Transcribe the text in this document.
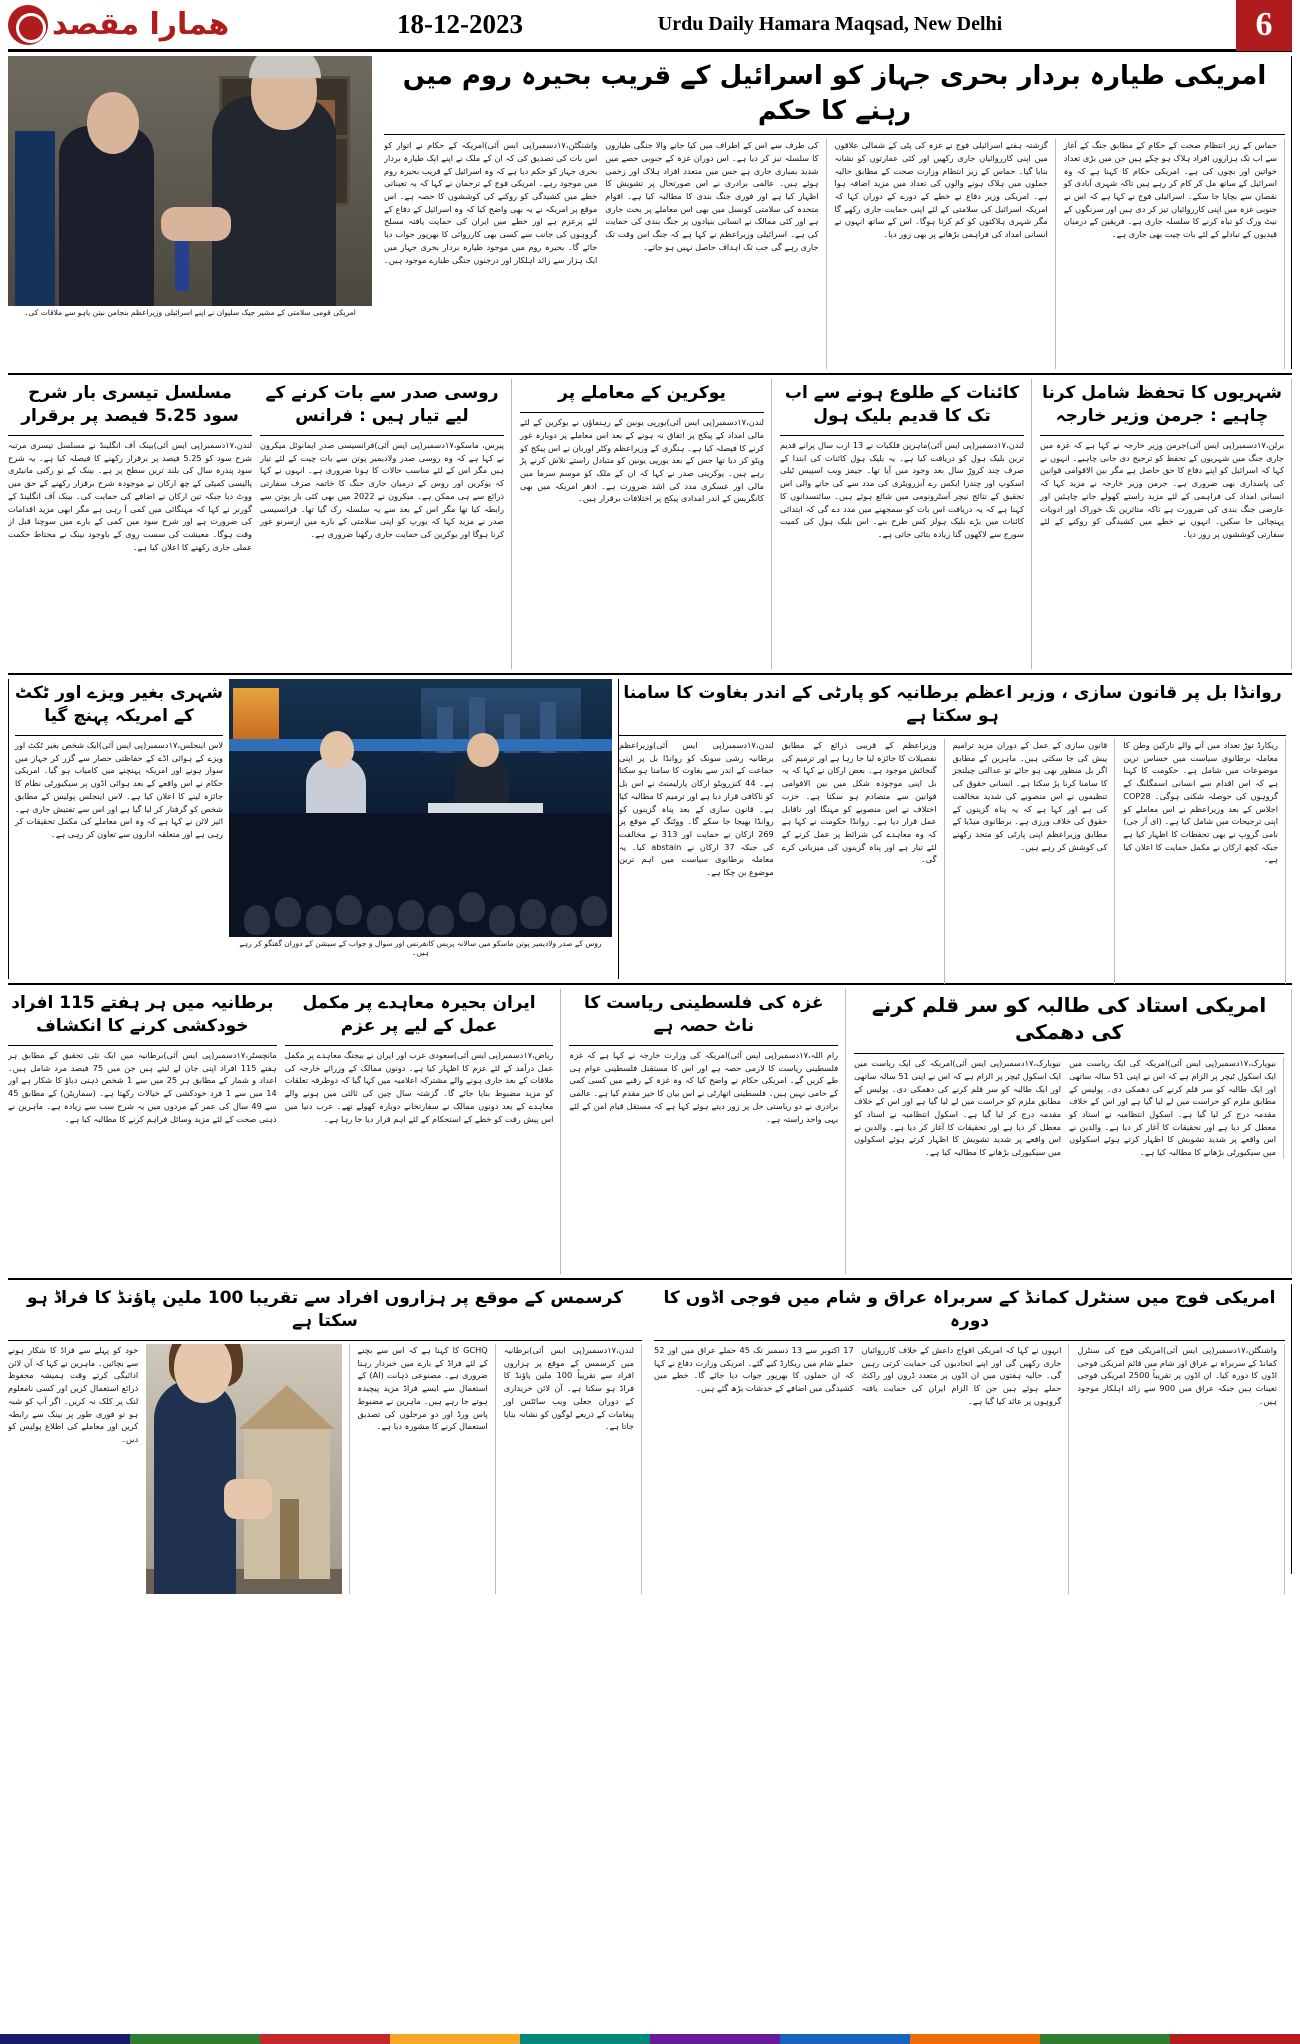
همارا مقصد	18-12-2023	Urdu Daily Hamara Maqsad, New Delhi	6
امریکی قومی سلامتی کے مشیر جیک سلیوان نے اپنے اسرائیلی وزیراعظم بنجامن نیتن یاہو سے ملاقات کی۔
امریکی طیارہ بردار بحری جہاز کو اسرائیل کے قریب بحیرہ روم میں رہنے کا حکم
واشنگٹن،۱۷دسمبر(پی ایس آئی)امریکہ کے حکام نے اتوار کو اس بات کی تصدیق کی کہ ان کے ملک نے اپنے ایک طیارہ بردار بحری جہاز کو حکم دیا ہے کہ وہ اسرائیل کے قریب بحیرہ روم میں موجود رہے۔ امریکی فوج کے ترجمان نے کہا کہ یہ تعیناتی خطے میں کشیدگی کو روکنے کی کوششوں کا حصہ ہے۔ اس موقع پر امریکہ نے یہ بھی واضح کیا کہ وہ اسرائیل کے دفاع کے لئے پرعزم ہے اور خطے میں ایران کی حمایت یافتہ مسلح گروہوں کی جانب سے کسی بھی کارروائی کا بھرپور جواب دیا جائے گا۔ بحیرہ روم میں موجود طیارہ بردار بحری جہاز میں ایک ہزار سے زائد اہلکار اور درجنوں جنگی طیارے موجود ہیں۔
کی طرف سے اس کے اطراف میں کیا جانے والا جنگی طیاروں کا سلسلہ تیز کر دیا ہے۔ اس دوران غزہ کے جنوبی حصے میں شدید بمباری جاری ہے جس میں متعدد افراد ہلاک اور زخمی ہوئے ہیں۔ عالمی برادری نے اس صورتحال پر تشویش کا اظہار کیا ہے اور فوری جنگ بندی کا مطالبہ کیا ہے۔ اقوام متحدہ کی سلامتی کونسل میں بھی اس معاملے پر بحث جاری ہے اور کئی ممالک نے انسانی بنیادوں پر جنگ بندی کی حمایت کی ہے۔ اسرائیلی وزیراعظم نے کہا ہے کہ جنگ اس وقت تک جاری رہے گی جب تک اہداف حاصل نہیں ہو جاتے۔
گزشتہ ہفتے اسرائیلی فوج نے غزہ کی پٹی کے شمالی علاقوں میں اپنی کارروائیاں جاری رکھیں اور کئی عمارتوں کو نشانہ بنایا گیا۔ حماس کے زیر انتظام وزارت صحت کے مطابق حالیہ حملوں میں ہلاک ہونے والوں کی تعداد میں مزید اضافہ ہوا ہے۔ امریکی وزیر دفاع نے خطے کے دورے کے دوران کہا کہ امریکہ اسرائیل کی سلامتی کے لئے اپنی حمایت جاری رکھے گا مگر شہری ہلاکتوں کو کم کرنا ہوگا۔ اس کے ساتھ انہوں نے انسانی امداد کی فراہمی بڑھانے پر بھی زور دیا۔
حماس کے زیر انتظام صحت کے حکام کے مطابق جنگ کے آغاز سے اب تک ہزاروں افراد ہلاک ہو چکے ہیں جن میں بڑی تعداد خواتین اور بچوں کی ہے۔ امریکی حکام کا کہنا ہے کہ وہ اسرائیل کے ساتھ مل کر کام کر رہے ہیں تاکہ شہری آبادی کو نقصان سے بچایا جا سکے۔ اسرائیلی فوج نے کہا ہے کہ اس نے جنوبی غزہ میں اپنی کارروائیاں تیز کر دی ہیں اور سرنگوں کے نیٹ ورک کو تباہ کرنے کا سلسلہ جاری ہے۔ فریقین کے درمیان قیدیوں کے تبادلے کے لئے بات چیت بھی جاری ہے۔
مسلسل تیسری بار شرح سود 5.25 فیصد پر برقرار
لندن،۱۷دسمبر(پی ایس آئی)بینک آف انگلینڈ نے مسلسل تیسری مرتبہ شرح سود کو 5.25 فیصد پر برقرار رکھنے کا فیصلہ کیا ہے۔ یہ شرح سود پندرہ سال کی بلند ترین سطح پر ہے۔ بینک کے نو رکنی مانیٹری پالیسی کمیٹی کے چھ ارکان نے موجودہ شرح برقرار رکھنے کے حق میں ووٹ دیا جبکہ تین ارکان نے اضافے کی حمایت کی۔ بینک آف انگلینڈ کے گورنر نے کہا کہ مہنگائی میں کمی آ رہی ہے مگر ابھی مزید اقدامات کی ضرورت ہے اور شرح سود میں کمی کے بارے میں سوچنا قبل از وقت ہوگا۔ معیشت کی سست روی کے باوجود بینک نے محتاط حکمت عملی جاری رکھنے کا اعلان کیا ہے۔
روسی صدر سے بات کرنے کے لیے تیار ہیں : فرانس
پیرس، ماسکو،۱۷دسمبر(پی ایس آئی)فرانسیسی صدر ایمانوئل میکرون نے کہا ہے کہ وہ روسی صدر ولادیمیر پوتن سے بات چیت کے لئے تیار ہیں مگر اس کے لئے مناسب حالات کا ہونا ضروری ہے۔ انہوں نے کہا کہ یوکرین اور روس کے درمیان جاری جنگ کا خاتمہ صرف سفارتی ذرائع سے ہی ممکن ہے۔ میکرون نے 2022 میں بھی کئی بار پوتن سے رابطہ کیا تھا مگر اس کے بعد سے یہ سلسلہ رک گیا تھا۔ فرانسیسی صدر نے مزید کہا کہ یورپ کو اپنی سلامتی کے بارے میں ازسرنو غور کرنا ہوگا اور یوکرین کی حمایت جاری رکھنا ضروری ہے۔
یوکرین کے معاملے پر
لندن،۱۷دسمبر(پی ایس آئی)یورپی یونین کے رہنماؤں نے یوکرین کے لئے مالی امداد کے پیکج پر اتفاق نہ ہونے کے بعد اس معاملے پر دوبارہ غور کرنے کا فیصلہ کیا ہے۔ ہنگری کے وزیراعظم وکٹر اوربان نے اس پیکج کو ویٹو کر دیا تھا جس کے بعد یورپی یونین کو متبادل راستے تلاش کرنے پڑ رہے ہیں۔ یوکرینی صدر نے کہا کہ ان کے ملک کو موسم سرما میں مالی اور عسکری مدد کی اشد ضرورت ہے۔ ادھر امریکہ میں بھی کانگریس کے اندر امدادی پیکج پر اختلافات برقرار ہیں۔
کائنات کے طلوع ہونے سے اب تک کا قدیم بلیک ہول
لندن،۱۷دسمبر(پی ایس آئی)ماہرین فلکیات نے 13 ارب سال پرانے قدیم ترین بلیک ہول کو دریافت کیا ہے۔ یہ بلیک ہول کائنات کی ابتدا کے صرف چند کروڑ سال بعد وجود میں آیا تھا۔ جیمز ویب اسپیس ٹیلی اسکوپ اور چندرا ایکس رے آبزرویٹری کی مدد سے کی جانے والی اس تحقیق کے نتائج نیچر آسٹرونومی میں شائع ہوئے ہیں۔ سائنسدانوں کا کہنا ہے کہ یہ دریافت اس بات کو سمجھنے میں مدد دے گی کہ ابتدائی کائنات میں بڑے بلیک ہولز کس طرح بنے۔ اس بلیک ہول کی کمیت سورج سے لاکھوں گنا زیادہ بتائی جاتی ہے۔
شہریوں کا تحفظ شامل کرنا چاہیے : جرمن وزیر خارجہ
برلن،۱۷دسمبر(پی ایس آئی)جرمن وزیر خارجہ نے کہا ہے کہ غزہ میں جاری جنگ میں شہریوں کے تحفظ کو ترجیح دی جانی چاہیے۔ انہوں نے کہا کہ اسرائیل کو اپنے دفاع کا حق حاصل ہے مگر بین الاقوامی قوانین کی پاسداری بھی ضروری ہے۔ جرمن وزیر خارجہ نے مزید کہا کہ انسانی امداد کی فراہمی کے لئے مزید راستے کھولے جانے چاہئیں اور عارضی جنگ بندی کی ضرورت ہے تاکہ متاثرین تک خوراک اور ادویات پہنچائی جا سکیں۔ انہوں نے خطے میں کشیدگی کو روکنے کے لئے سفارتی کوششوں پر زور دیا۔
شہری بغیر ویزے اور ٹکٹ کے امریکہ پہنچ گیا
لاس اینجلس،۱۷دسمبر(پی ایس آئی)ایک شخص بغیر ٹکٹ اور ویزے کے ہوائی اڈے کے حفاظتی حصار سے گزر کر جہاز میں سوار ہونے اور امریکہ پہنچنے میں کامیاب ہو گیا۔ امریکی حکام نے اس واقعے کے بعد ہوائی اڈوں پر سیکیورٹی نظام کا جائزہ لینے کا اعلان کیا ہے۔ لاس اینجلس پولیس کے مطابق شخص کو گرفتار کر لیا گیا ہے اور اس سے تفتیش جاری ہے۔ ائیر لائن نے کہا ہے کہ وہ اس معاملے کی مکمل تحقیقات کر رہی ہے اور متعلقہ اداروں سے تعاون کر رہی ہے۔
روس کے صدر ولادیمیر پوتن ماسکو میں سالانہ پریس کانفرنس اور سوال و جواب کے سیشن کے دوران گفتگو کر رہے ہیں۔
روانڈا بل پر قانون سازی ، وزیر اعظم برطانیہ کو پارٹی کے اندر بغاوت کا سامنا ہو سکتا ہے
لندن،۱۷دسمبر(پی ایس آئی)وزیراعظم برطانیہ رشی سونک کو روانڈا بل پر اپنی جماعت کے اندر سے بغاوت کا سامنا ہو سکتا ہے۔ 44 کنزرویٹو ارکان پارلیمنٹ نے اس بل کو ناکافی قرار دیا ہے اور ترمیم کا مطالبہ کیا ہے۔ قانون سازی کے بعد پناہ گزینوں کو روانڈا بھیجا جا سکے گا۔ ووٹنگ کے موقع پر 269 ارکان نے حمایت اور 313 نے مخالفت کی جبکہ 37 ارکان نے abstain کیا۔ یہ معاملہ برطانوی سیاست میں اہم ترین موضوع بن چکا ہے۔
وزیراعظم کے قریبی ذرائع کے مطابق تفصیلات کا جائزہ لیا جا رہا ہے اور ترمیم کی گنجائش موجود ہے۔ بعض ارکان نے کہا کہ یہ بل اپنی موجودہ شکل میں بین الاقوامی قوانین سے متصادم ہو سکتا ہے۔ حزب اختلاف نے اس منصوبے کو مہنگا اور ناقابل عمل قرار دیا ہے۔ روانڈا حکومت نے کہا ہے کہ وہ معاہدے کی شرائط پر عمل کرنے کے لئے تیار ہے اور پناہ گزینوں کی میزبانی کرے گی۔
قانون سازی کے عمل کے دوران مزید ترامیم پیش کی جا سکتی ہیں۔ ماہرین کے مطابق اگر بل منظور بھی ہو جائے تو عدالتی چیلنجز کا سامنا کرنا پڑ سکتا ہے۔ انسانی حقوق کی تنظیموں نے اس منصوبے کی شدید مخالفت کی ہے اور کہا ہے کہ یہ پناہ گزینوں کے حقوق کی خلاف ورزی ہے۔ برطانوی میڈیا کے مطابق وزیراعظم اپنی پارٹی کو متحد رکھنے کی کوشش کر رہے ہیں۔
ریکارڈ توڑ تعداد میں آنے والے تارکین وطن کا معاملہ برطانوی سیاست میں حساس ترین موضوعات میں شامل ہے۔ حکومت کا کہنا ہے کہ اس اقدام سے انسانی اسمگلنگ کے گروہوں کی حوصلہ شکنی ہوگی۔ COP28 اجلاس کے بعد وزیراعظم نے اس معاملے کو اپنی ترجیحات میں شامل کیا ہے۔ (ای آر جی) نامی گروپ نے بھی تحفظات کا اظہار کیا ہے جبکہ کچھ ارکان نے مکمل حمایت کا اعلان کیا ہے۔
برطانیہ میں ہر ہفتے 115 افراد خودکشی کرنے کا انکشاف
مانچسٹر،۱۷دسمبر(پی ایس آئی)برطانیہ میں ایک نئی تحقیق کے مطابق ہر ہفتے 115 افراد اپنی جان لے لیتے ہیں جن میں 75 فیصد مرد شامل ہیں۔ اعداد و شمار کے مطابق ہر 25 میں سے 1 شخص ذہنی دباؤ کا شکار ہے اور 14 میں سے 1 فرد خودکشی کے خیالات رکھتا ہے۔ (سماریٹن) کے مطابق 45 سے 49 سال کی عمر کے مردوں میں یہ شرح سب سے زیادہ ہے۔ ماہرین نے ذہنی صحت کے لئے مزید وسائل فراہم کرنے کا مطالبہ کیا ہے۔
ایران بحیرہ معاہدے پر مکمل عمل کے لیے پر عزم
ریاض،۱۷دسمبر(پی ایس آئی)سعودی عرب اور ایران نے بیجنگ معاہدے پر مکمل عمل درآمد کے لئے عزم کا اظہار کیا ہے۔ دونوں ممالک کے وزرائے خارجہ کی ملاقات کے بعد جاری ہونے والے مشترکہ اعلامیہ میں کہا گیا کہ دوطرفہ تعلقات کو مزید مضبوط بنایا جائے گا۔ گزشتہ سال چین کی ثالثی میں ہونے والے معاہدے کے بعد دونوں ممالک نے سفارتخانے دوبارہ کھولے تھے۔ عرب دنیا میں اس پیش رفت کو خطے کے استحکام کے لئے اہم قرار دیا جا رہا ہے۔
غزہ کی فلسطینی ریاست کا ناٹ حصہ ہے
رام اللہ،۱۷دسمبر(پی ایس آئی)امریکہ کی وزارت خارجہ نے کہا ہے کہ غزہ فلسطینی ریاست کا لازمی حصہ ہے اور اس کا مستقبل فلسطینی عوام ہی طے کریں گے۔ امریکی حکام نے واضح کیا کہ وہ غزہ کے رقبے میں کسی کمی کے حامی نہیں ہیں۔ فلسطینی اتھارٹی نے اس بیان کا خیر مقدم کیا ہے۔ عالمی برادری نے دو ریاستی حل پر زور دیتے ہوئے کہا ہے کہ مستقل قیام امن کے لئے یہی واحد راستہ ہے۔
امریکی استاد کی طالبہ کو سر قلم کرنے کی دھمکی
نیویارک،۱۷دسمبر(پی ایس آئی)امریکہ کی ایک ریاست میں ایک اسکول ٹیچر پر الزام ہے کہ اس نے اپنی 51 سالہ ساتھی اور ایک طالبہ کو سر قلم کرنے کی دھمکی دی۔ پولیس کے مطابق ملزم کو حراست میں لے لیا گیا ہے اور اس کے خلاف مقدمہ درج کر لیا گیا ہے۔ اسکول انتظامیہ نے استاد کو معطل کر دیا ہے اور تحقیقات کا آغاز کر دیا ہے۔ والدین نے اس واقعے پر شدید تشویش کا اظہار کرتے ہوئے اسکولوں میں سیکیورٹی بڑھانے کا مطالبہ کیا ہے۔
نیویارک،۱۷دسمبر(پی ایس آئی)امریکہ کی ایک ریاست میں ایک اسکول ٹیچر پر الزام ہے کہ اس نے اپنی 51 سالہ ساتھی اور ایک طالبہ کو سر قلم کرنے کی دھمکی دی۔ پولیس کے مطابق ملزم کو حراست میں لے لیا گیا ہے اور اس کے خلاف مقدمہ درج کر لیا گیا ہے۔ اسکول انتظامیہ نے استاد کو معطل کر دیا ہے اور تحقیقات کا آغاز کر دیا ہے۔ والدین نے اس واقعے پر شدید تشویش کا اظہار کرتے ہوئے اسکولوں میں سیکیورٹی بڑھانے کا مطالبہ کیا ہے۔
کرسمس کے موقع پر ہزاروں افراد سے تقریبا 100 ملین پاؤنڈ کا فراڈ ہو سکتا ہے
خود کو پہلے سے فراڈ کا شکار ہونے سے بچائیں۔ ماہرین نے کہا کہ آن لائن ادائیگی کرتے وقت ہمیشہ محفوظ ذرائع استعمال کریں اور کسی نامعلوم لنک پر کلک نہ کریں۔ اگر آپ کو شبہ ہو تو فوری طور پر بینک سے رابطہ کریں اور معاملے کی اطلاع پولیس کو دیں۔
GCHQ کا کہنا ہے کہ اس سے بچنے کے لئے فراڈ کے بارے میں خبردار رہنا ضروری ہے۔ مصنوعی ذہانت (AI) کے استعمال سے ایسے فراڈ مزید پیچیدہ ہوتے جا رہے ہیں۔ ماہرین نے مضبوط پاس ورڈ اور دو مرحلوں کی تصدیق استعمال کرنے کا مشورہ دیا ہے۔
لندن،۱۷دسمبر(پی ایس آئی)برطانیہ میں کرسمس کے موقع پر ہزاروں افراد سے تقریباً 100 ملین پاؤنڈ کا فراڈ ہو سکتا ہے۔ آن لائن خریداری کے دوران جعلی ویب سائٹس اور پیغامات کے ذریعے لوگوں کو نشانہ بنایا جاتا ہے۔
امریکی فوج میں سنٹرل کمانڈ کے سربراہ عراق و شام میں فوجی اڈوں کا دورہ
17 اکتوبر سے 13 دسمبر تک 45 حملے عراق میں اور 52 حملے شام میں ریکارڈ کیے گئے۔ امریکی وزارت دفاع نے کہا کہ ان حملوں کا بھرپور جواب دیا جائے گا۔ خطے میں کشیدگی میں اضافے کے خدشات بڑھ گئے ہیں۔
انہوں نے کہا کہ امریکی افواج داعش کے خلاف کارروائیاں جاری رکھیں گی اور اپنے اتحادیوں کی حمایت کرتی رہیں گی۔ حالیہ ہفتوں میں ان اڈوں پر متعدد ڈرون اور راکٹ حملے ہوئے ہیں جن کا الزام ایران کی حمایت یافتہ گروہوں پر عائد کیا گیا ہے۔
واشنگٹن،۱۷دسمبر(پی ایس آئی)امریکی فوج کی سنٹرل کمانڈ کے سربراہ نے عراق اور شام میں قائم امریکی فوجی اڈوں کا دورہ کیا۔ ان اڈوں پر تقریباً 2500 امریکی فوجی تعینات ہیں جبکہ عراق میں 900 سے زائد اہلکار موجود ہیں۔
